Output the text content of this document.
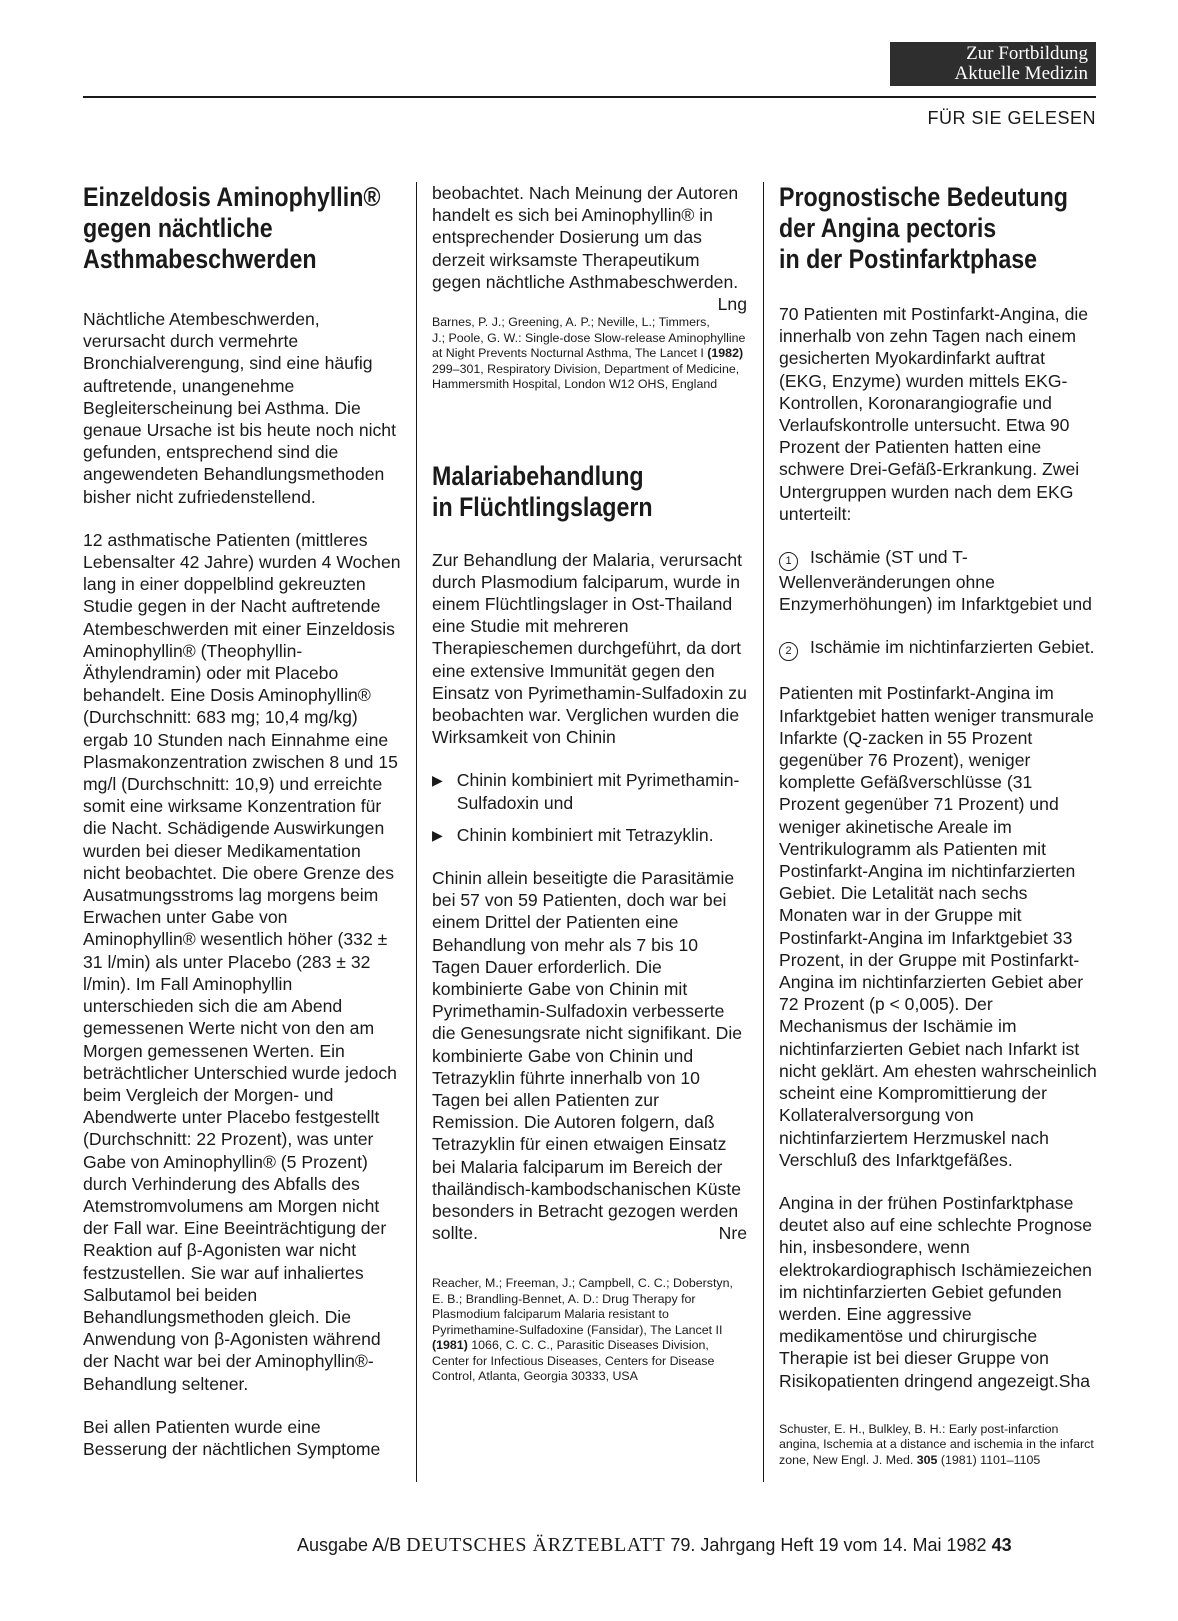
Zur Fortbildung
Aktuelle Medizin
FÜR SIE GELESEN
Einzeldosis Aminophyllin®
gegen nächtliche
Asthmabeschwerden

Nächtliche Atembeschwerden, verursacht durch vermehrte Bronchialverengung, sind eine häufig auftretende, unangenehme Begleiterscheinung bei Asthma. Die genaue Ursache ist bis heute noch nicht gefunden, entsprechend sind die angewendeten Behandlungsmethoden bisher nicht zufriedenstellend.

12 asthmatische Patienten (mittleres Lebensalter 42 Jahre) wurden 4 Wochen lang in einer doppelblind gekreuzten Studie gegen in der Nacht auftretende Atembeschwerden mit einer Einzeldosis Aminophyllin® (Theophyllin-Äthylendramin) oder mit Placebo behandelt. Eine Dosis Aminophyllin® (Durchschnitt: 683 mg; 10,4 mg/kg) ergab 10 Stunden nach Einnahme eine Plasmakonzentration zwischen 8 und 15 mg/l (Durchschnitt: 10,9) und erreichte somit eine wirksame Konzentration für die Nacht. Schädigende Auswirkungen wurden bei dieser Medikamentation nicht beobachtet. Die obere Grenze des Ausatmungsstroms lag morgens beim Erwachen unter Gabe von Aminophyllin® wesentlich höher (332 ± 31 l/min) als unter Placebo (283 ± 32 l/min). Im Fall Aminophyllin unterschieden sich die am Abend gemessenen Werte nicht von den am Morgen gemessenen Werten. Ein beträchtlicher Unterschied wurde jedoch beim Vergleich der Morgen- und Abendwerte unter Placebo festgestellt (Durchschnitt: 22 Prozent), was unter Gabe von Aminophyllin® (5 Prozent) durch Verhinderung des Abfalls des Atemstromvolumens am Morgen nicht der Fall war. Eine Beeinträchtigung der Reaktion auf β-Agonisten war nicht festzustellen. Sie war auf inhaliertes Salbutamol bei beiden Behandlungsmethoden gleich. Die Anwendung von β-Agonisten während der Nacht war bei der Aminophyllin®-Behandlung seltener.

Bei allen Patienten wurde eine Besserung der nächtlichen Symptome

beobachtet. Nach Meinung der Autoren handelt es sich bei Aminophyllin® in entsprechender Dosierung um das derzeit wirksamste Therapeutikum gegen nächtliche Asthmabeschwerden.
Lng

Barnes, P. J.; Greening, A. P.; Neville, L.; Timmers, J.; Poole, G. W.: Single-dose Slow-release Aminophylline at Night Prevents Nocturnal Asthma, The Lancet I (1982) 299–301, Respiratory Division, Department of Medicine, Hammersmith Hospital, London W12 OHS, England

Malariabehandlung
in Flüchtlingslagern

Zur Behandlung der Malaria, verursacht durch Plasmodium falciparum, wurde in einem Flüchtlingslager in Ost-Thailand eine Studie mit mehreren Therapieschemen durchgeführt, da dort eine extensive Immunität gegen den Einsatz von Pyrimethamin-Sulfadoxin zu beobachten war. Verglichen wurden die Wirksamkeit von Chinin

▶ Chinin kombiniert mit Pyrimethamin-Sulfadoxin und
▶ Chinin kombiniert mit Tetrazyklin.

Chinin allein beseitigte die Parasitämie bei 57 von 59 Patienten, doch war bei einem Drittel der Patienten eine Behandlung von mehr als 7 bis 10 Tagen Dauer erforderlich. Die kombinierte Gabe von Chinin mit Pyrimethamin-Sulfadoxin verbesserte die Genesungsrate nicht signifikant. Die kombinierte Gabe von Chinin und Tetrazyklin führte innerhalb von 10 Tagen bei allen Patienten zur Remission. Die Autoren folgern, daß Tetrazyklin für einen etwaigen Einsatz bei Malaria falciparum im Bereich der thailändisch-kambodschanischen Küste besonders in Betracht gezogen werden sollte.	Nre

Reacher, M.; Freeman, J.; Campbell, C. C.; Doberstyn, E. B.; Brandling-Bennet, A. D.: Drug Therapy for Plasmodium falciparum Malaria resistant to Pyrimethamine-Sulfadoxine (Fansidar), The Lancet II (1981) 1066, C. C. C., Parasitic Diseases Division, Center for Infectious Diseases, Centers for Disease Control, Atlanta, Georgia 30333, USA

Prognostische Bedeutung
der Angina pectoris
in der Postinfarktphase

70 Patienten mit Postinfarkt-Angina, die innerhalb von zehn Tagen nach einem gesicherten Myokardinfarkt auftrat (EKG, Enzyme) wurden mittels EKG-Kontrollen, Koronarangiografie und Verlaufskontrolle untersucht. Etwa 90 Prozent der Patienten hatten eine schwere Drei-Gefäß-Erkrankung. Zwei Untergruppen wurden nach dem EKG unterteilt:

1 Ischämie (ST und T-Wellenveränderungen ohne Enzymerhöhungen) im Infarktgebiet und

2 Ischämie im nichtinfarzierten Gebiet.

Patienten mit Postinfarkt-Angina im Infarktgebiet hatten weniger transmurale Infarkte (Q-zacken in 55 Prozent gegenüber 76 Prozent), weniger komplette Gefäßverschlüsse (31 Prozent gegenüber 71 Prozent) und weniger akinetische Areale im Ventrikulogramm als Patienten mit Postinfarkt-Angina im nichtinfarzierten Gebiet. Die Letalität nach sechs Monaten war in der Gruppe mit Postinfarkt-Angina im Infarktgebiet 33 Prozent, in der Gruppe mit Postinfarkt-Angina im nichtinfarzierten Gebiet aber 72 Prozent (p < 0,005). Der Mechanismus der Ischämie im nichtinfarzierten Gebiet nach Infarkt ist nicht geklärt. Am ehesten wahrscheinlich scheint eine Kompromittierung der Kollateralversorgung von nichtinfarziertem Herzmuskel nach Verschluß des Infarktgefäßes.

Angina in der frühen Postinfarktphase deutet also auf eine schlechte Prognose hin, insbesondere, wenn elektrokardiographisch Ischämiezeichen im nichtinfarzierten Gebiet gefunden werden. Eine aggressive medikamentöse und chirurgische Therapie ist bei dieser Gruppe von Risikopatienten dringend angezeigt.Sha

Schuster, E. H., Bulkley, B. H.: Early post-infarction angina, Ischemia at a distance and ischemia in the infarct zone, New Engl. J. Med. 305 (1981) 1101–1105

Ausgabe A/B DEUTSCHES ÄRZTEBLATT 79. Jahrgang Heft 19 vom 14. Mai 1982 43
